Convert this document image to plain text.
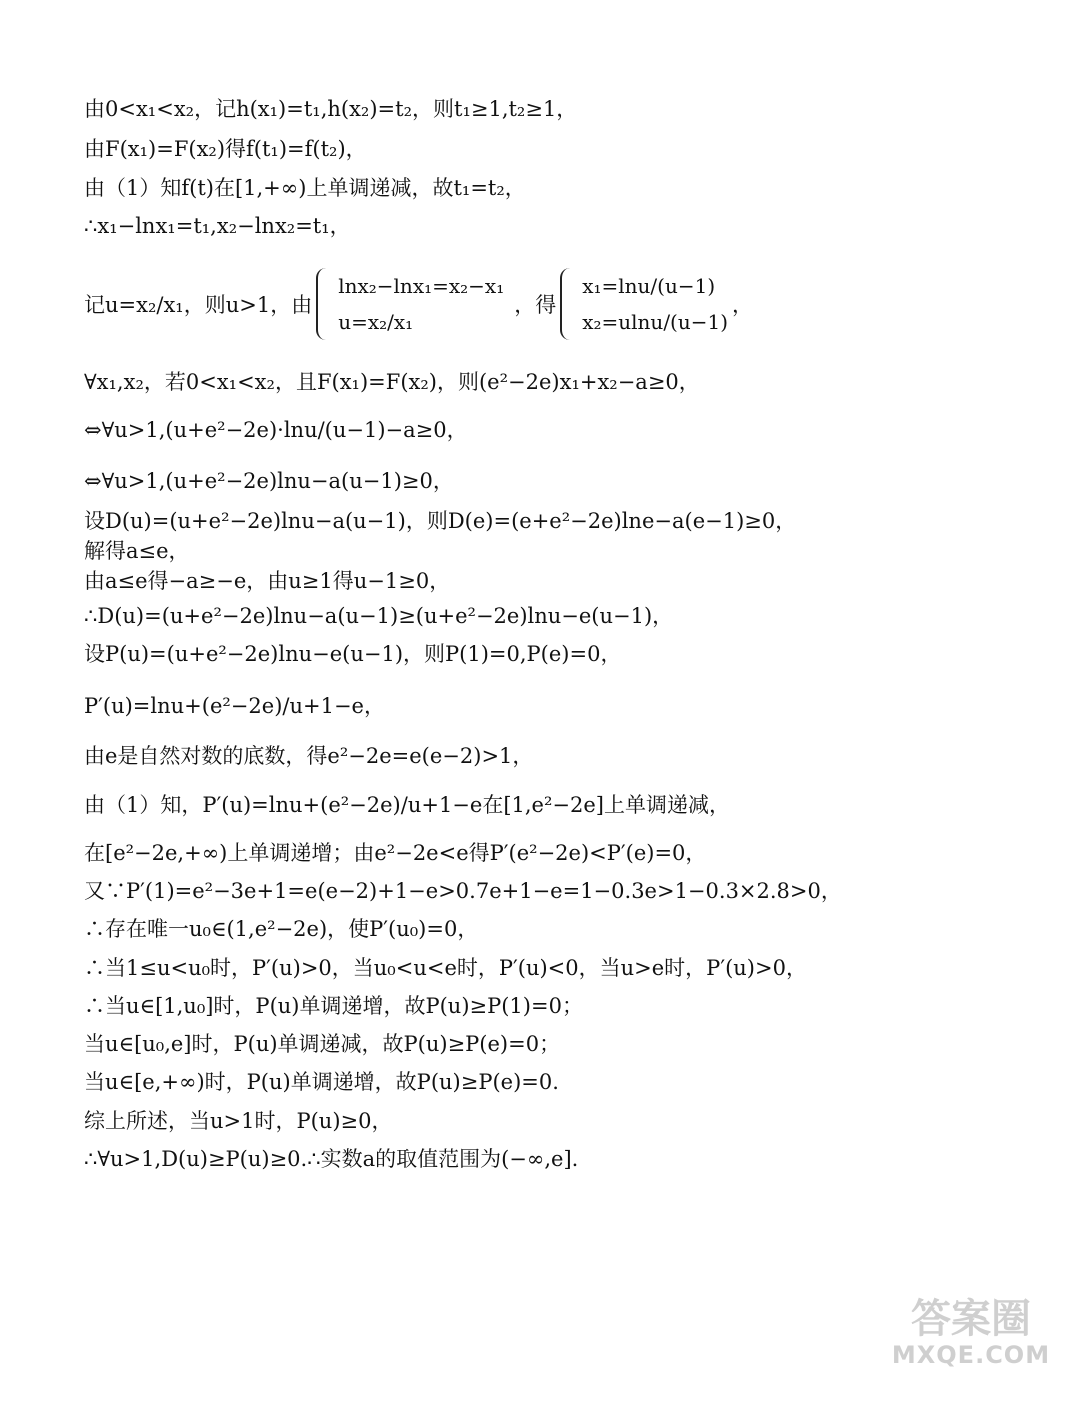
由0<x₁<x₂，记h(x₁)=t₁,h(x₂)=t₂，则t₁≥1,t₂≥1，

由F(x₁)=F(x₂)得f(t₁)=f(t₂)，

由（1）知f(t)在[1,+∞)上单调递减，故t₁=t₂，

∴x₁−lnx₁=t₁,x₂−lnx₂=t₁，

记u=x₂/x₁，则u>1，由
lnx₂−lnx₁=x₂−x₁
u=x₂/x₁
，得
x₁=lnu/(u−1)
x₂=ulnu/(u−1)
，

∀x₁,x₂，若0<x₁<x₂，且F(x₁)=F(x₂)，则(e²−2e)x₁+x₂−a≥0，

⇔∀u>1,(u+e²−2e)·lnu/(u−1)−a≥0，

⇔∀u>1,(u+e²−2e)lnu−a(u−1)≥0，

设D(u)=(u+e²−2e)lnu−a(u−1)，则D(e)=(e+e²−2e)lne−a(e−1)≥0，

解得a≤e，

由a≤e得−a≥−e，由u≥1得u−1≥0，

∴D(u)=(u+e²−2e)lnu−a(u−1)≥(u+e²−2e)lnu−e(u−1)，

设P(u)=(u+e²−2e)lnu−e(u−1)，则P(1)=0,P(e)=0，

P′(u)=lnu+(e²−2e)/u+1−e，

由e是自然对数的底数，得e²−2e=e(e−2)>1，

由（1）知，P′(u)=lnu+(e²−2e)/u+1−e在[1,e²−2e]上单调递减，

在[e²−2e,+∞)上单调递增；由e²−2e<e得P′(e²−2e)<P′(e)=0，

又∵P′(1)=e²−3e+1=e(e−2)+1−e>0.7e+1−e=1−0.3e>1−0.3×2.8>0，

∴存在唯一u₀∈(1,e²−2e)，使P′(u₀)=0，

∴当1≤u<u₀时，P′(u)>0，当u₀<u<e时，P′(u)<0，当u>e时，P′(u)>0，

∴当u∈[1,u₀]时，P(u)单调递增，故P(u)≥P(1)=0；

当u∈[u₀,e]时，P(u)单调递减，故P(u)≥P(e)=0；

当u∈[e,+∞)时，P(u)单调递增，故P(u)≥P(e)=0.

综上所述，当u>1时，P(u)≥0，

∴∀u>1,D(u)≥P(u)≥0.∴实数a的取值范围为(−∞,e].

答案圈
MXQE.COM
